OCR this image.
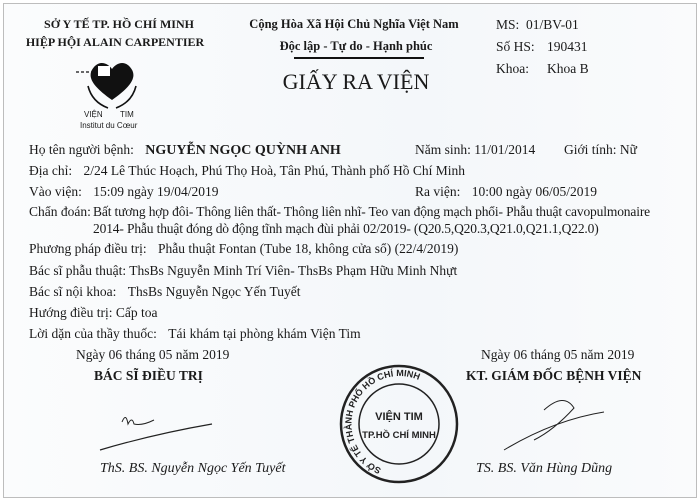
SỞ Y TẾ TP. HỒ CHÍ MINH
HIỆP HỘI ALAIN CARPENTIER
VIỆN TIM
Institut du Cœur
Cộng Hòa Xã Hội Chủ Nghĩa Việt Nam
Độc lập - Tự do - Hạnh phúc
GIẤY RA VIỆN
MS: 01/BV-01
Số HS: 190431
Khoa: Khoa B
Họ tên người bệnh: NGUYỄN NGỌC QUỲNH ANH	Năm sinh: 11/01/2014 Giới tính: Nữ
Địa chỉ: 2/24 Lê Thúc Hoạch, Phú Thọ Hoà, Tân Phú, Thành phố Hồ Chí Minh
Vào viện: 15:09 ngày 19/04/2019	Ra viện: 10:00 ngày 06/05/2019
Chẩn đoán: Bất tương hợp đôi- Thông liên thất- Thông liên nhĩ- Teo van động mạch phổi- Phẫu thuật cavopulmonaire
2014- Phẫu thuật đóng dò động tĩnh mạch đùi phải 02/2019- (Q20.5,Q20.3,Q21.0,Q21.1,Q22.0)
Phương pháp điều trị: Phẫu thuật Fontan (Tube 18, không cửa sổ) (22/4/2019)
Bác sĩ phẫu thuật: ThsBs Nguyễn Minh Trí Viên- ThsBs Phạm Hữu Minh Nhựt
Bác sĩ nội khoa: ThsBs Nguyễn Ngọc Yến Tuyết
Hướng điều trị: Cấp toa
Lời dặn của thầy thuốc: Tái khám tại phòng khám Viện Tim
Ngày 06 tháng 05 năm 2019
BÁC SĨ ĐIỀU TRỊ
ThS. BS. Nguyễn Ngọc Yến Tuyết	SỞ Y TẾ THÀNH PHỐ HỒ CHÍ MINH
VIỆN TIM
TP.HỒ CHÍ MINH
Ngày 06 tháng 05 năm 2019
KT. GIÁM ĐỐC BỆNH VIỆN
TS. BS. Văn Hùng Dũng
